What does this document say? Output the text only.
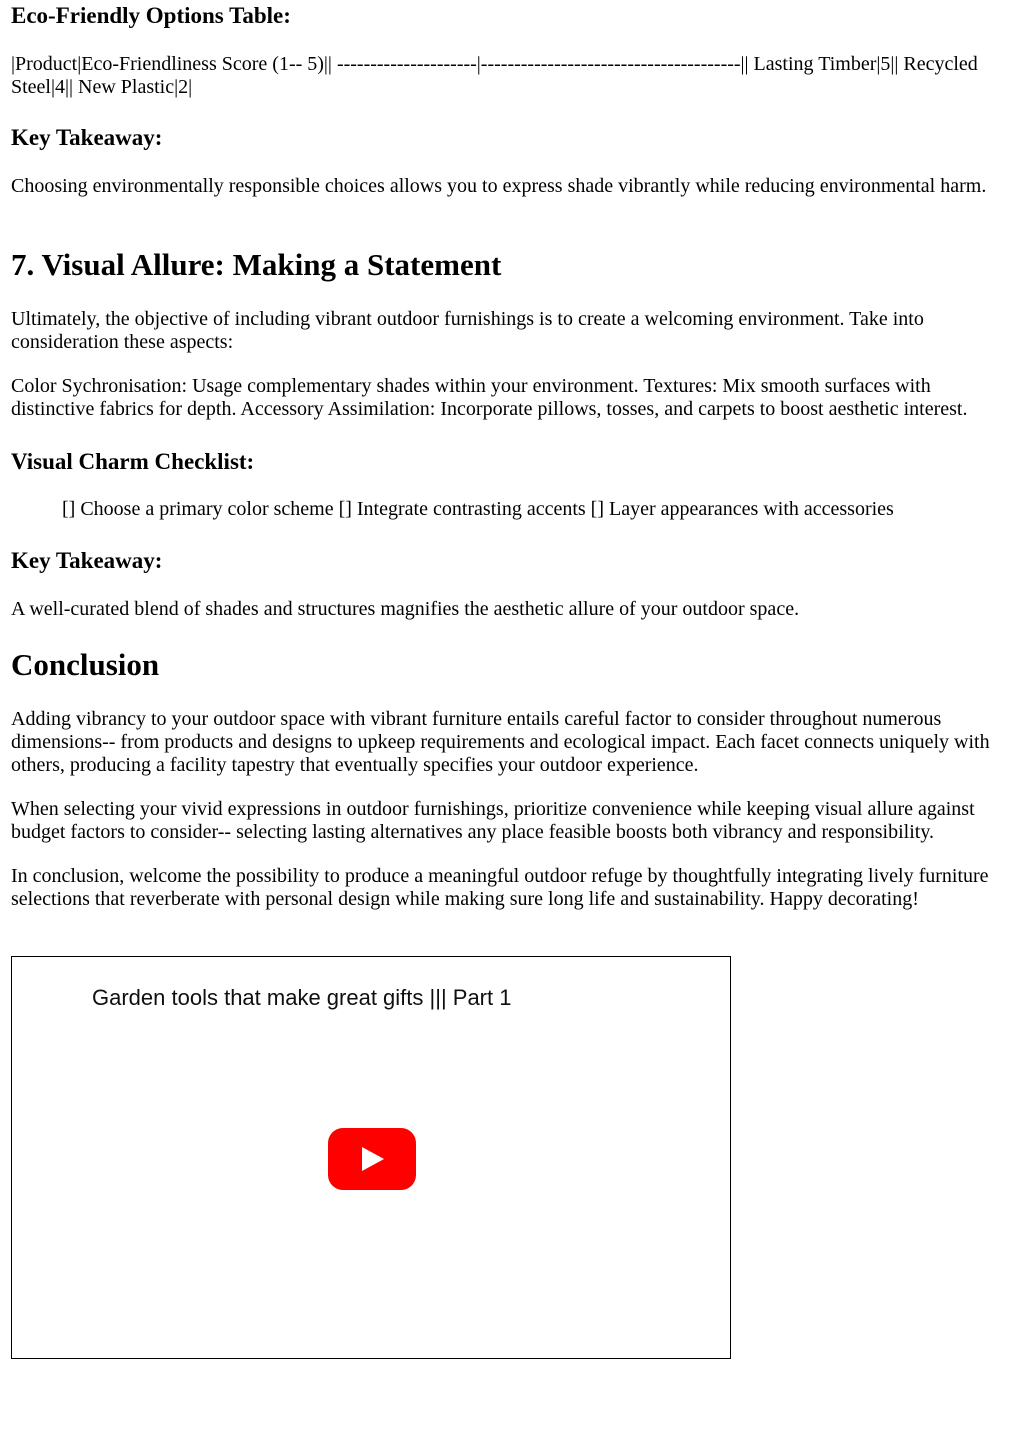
Eco-Friendly Options Table:

|Product|Eco-Friendliness Score (1-- 5)|| ---------------------|---------------------------------------|| Lasting Timber|5|| Recycled Steel|4|| New Plastic|2|

Key Takeaway:

Choosing environmentally responsible choices allows you to express shade vibrantly while reducing environmental harm.

7. Visual Allure: Making a Statement

Ultimately, the objective of including vibrant outdoor furnishings is to create a welcoming environment. Take into consideration these aspects:

Color Sychronisation: Usage complementary shades within your environment. Textures: Mix smooth surfaces with distinctive fabrics for depth. Accessory Assimilation: Incorporate pillows, tosses, and carpets to boost aesthetic interest.

Visual Charm Checklist:

[] Choose a primary color scheme [] Integrate contrasting accents [] Layer appearances with accessories

Key Takeaway:

A well-curated blend of shades and structures magnifies the aesthetic allure of your outdoor space.

Conclusion

Adding vibrancy to your outdoor space with vibrant furniture entails careful factor to consider throughout numerous dimensions-- from products and designs to upkeep requirements and ecological impact. Each facet connects uniquely with others, producing a facility tapestry that eventually specifies your outdoor experience.

When selecting your vivid expressions in outdoor furnishings, prioritize convenience while keeping visual allure against budget factors to consider-- selecting lasting alternatives any place feasible boosts both vibrancy and responsibility.

In conclusion, welcome the possibility to produce a meaningful outdoor refuge by thoughtfully integrating lively furniture selections that reverberate with personal design while making sure long life and sustainability. Happy decorating!

Garden tools that make great gifts ||| Part 1
